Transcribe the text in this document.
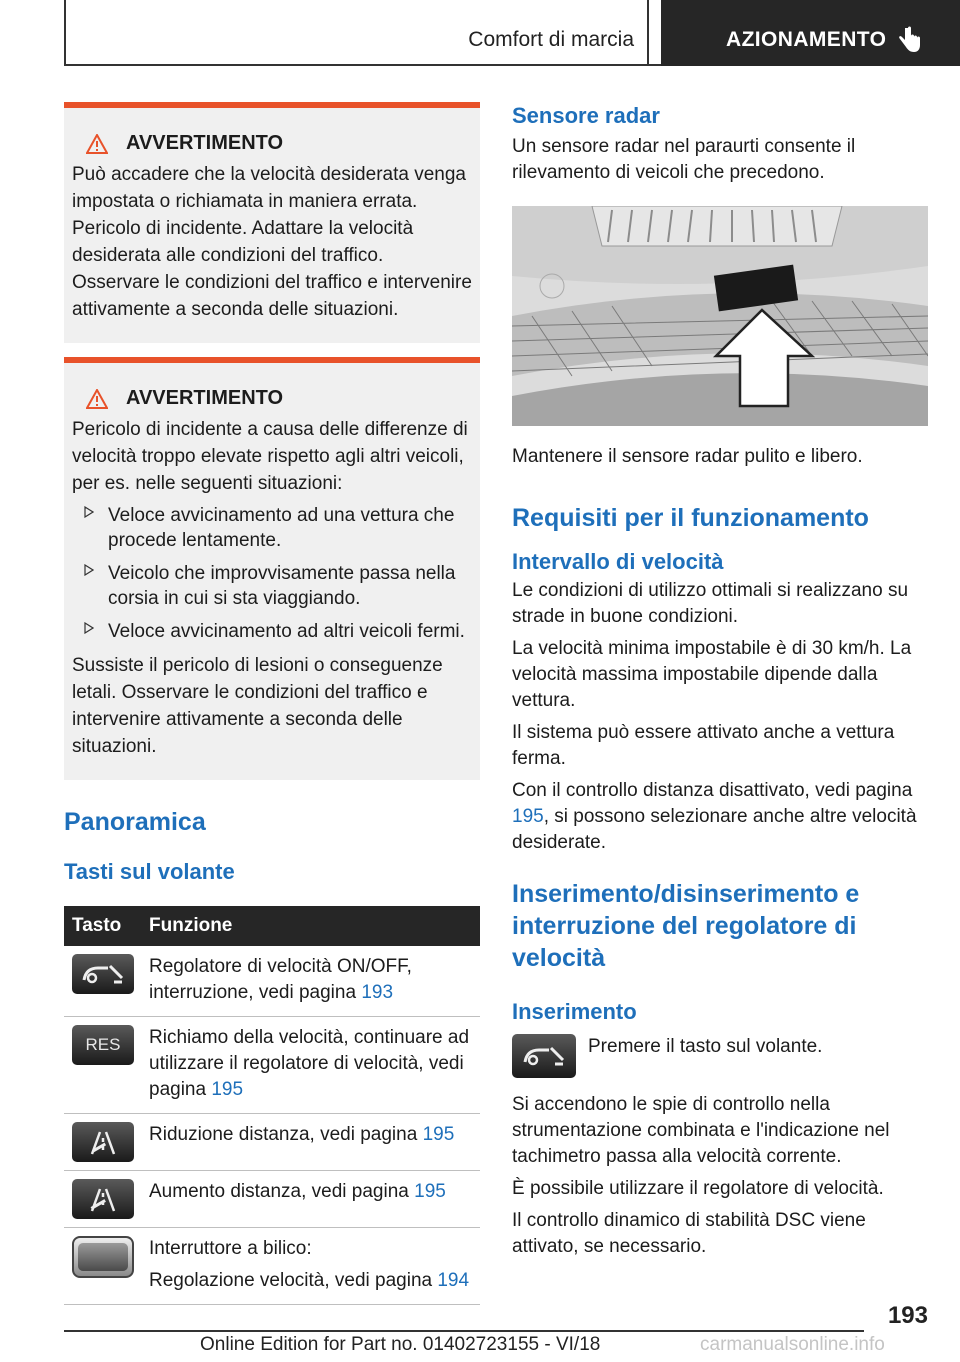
Comfort di marcia	AZIONAMENTO
AVVERTIMENTO

Può accadere che la velocità desiderata venga impostata o richiamata in maniera errata. Pericolo di incidente. Adattare la velocità desiderata alle condizioni del traffico. Osservare le condizioni del traffico e intervenire attivamente a seconda delle situazioni.

AVVERTIMENTO

Pericolo di incidente a causa delle differenze di velocità troppo elevate rispetto agli altri veicoli, per es. nelle seguenti situazioni:

Veloce avvicinamento ad una vettura che procede lentamente.
Veicolo che improvvisamente passa nella corsia in cui si sta viaggiando.
Veloce avvicinamento ad altri veicoli fermi.

Sussiste il pericolo di lesioni o conseguenze letali. Osservare le condizioni del traffico e intervenire attivamente a seconda delle situazioni.

Panoramica
Tasti sul volante
Tasto	Funzione

	Regolatore di velocità ON/OFF, interruzione, vedi pagina 193

RES	Richiamo della velocità, continuare ad utilizzare il regolatore di velocità, vedi pagina 195

	Riduzione distanza, vedi pagina 195

	Aumento distanza, vedi pagina 195

	Interruttore a bilico:
Regolazione velocità, vedi pagina 194
Sensore radar

Un sensore radar nel paraurti consente il rilevamento di veicoli che precedono.

Mantenere il sensore radar pulito e libero.

Requisiti per il funzionamento
Intervallo di velocità

Le condizioni di utilizzo ottimali si realizzano su strade in buone condizioni.

La velocità minima impostabile è di 30 km/h. La velocità massima impostabile dipende dalla vettura.

Il sistema può essere attivato anche a vettura ferma.

Con il controllo distanza disattivato, vedi pagina 195, si possono selezionare anche altre velocità desiderate.

Inserimento/disinserimento e interruzione del regolatore di velocità
Inserimento
Premere il tasto sul volante.

Si accendono le spie di controllo nella strumentazione combinata e l'indicazione nel tachimetro passa alla velocità corrente.

È possibile utilizzare il regolatore di velocità.

Il controllo dinamico di stabilità DSC viene attivato, se necessario.

193
Online Edition for Part no. 01402723155 - VI/18	carmanualsonline.info
